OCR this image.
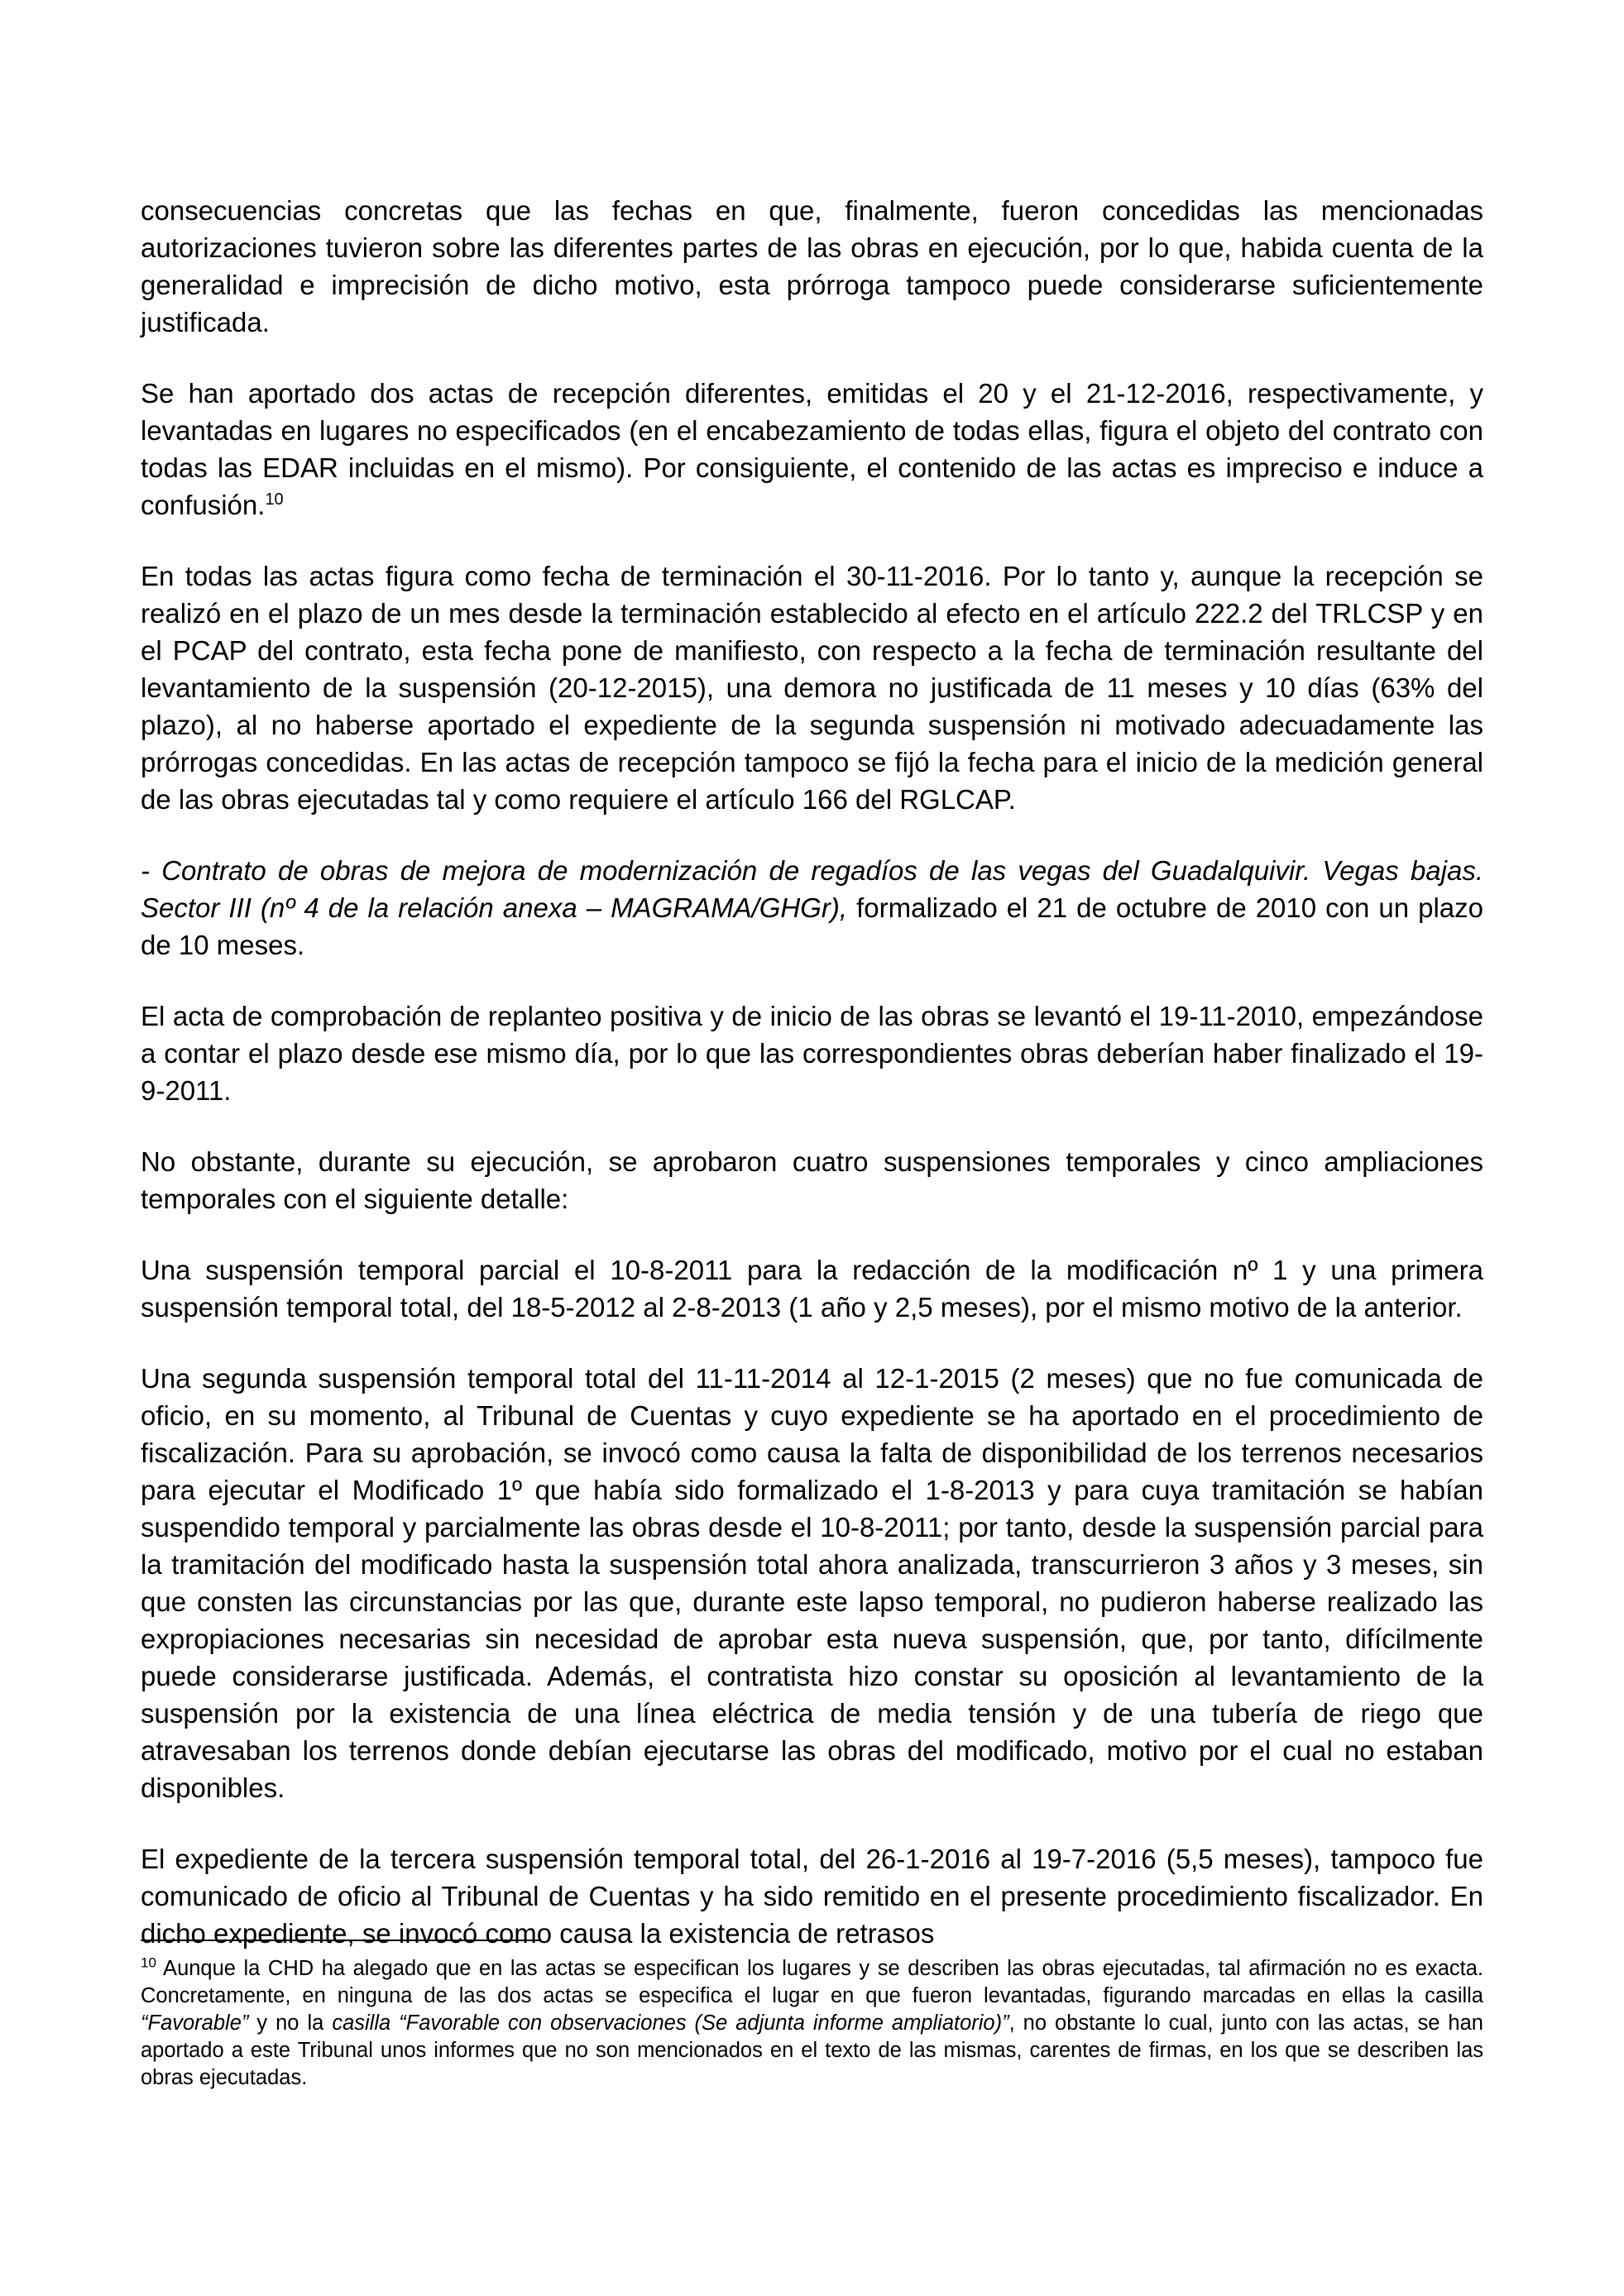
consecuencias concretas que las fechas en que, finalmente, fueron concedidas las mencionadas autorizaciones tuvieron sobre las diferentes partes de las obras en ejecución, por lo que, habida cuenta de la generalidad e imprecisión de dicho motivo, esta prórroga tampoco puede considerarse suficientemente justificada.

Se han aportado dos actas de recepción diferentes, emitidas el 20 y el 21-12-2016, respectivamente, y levantadas en lugares no especificados (en el encabezamiento de todas ellas, figura el objeto del contrato con todas las EDAR incluidas en el mismo). Por consiguiente, el contenido de las actas es impreciso e induce a confusión.$^{10}$

En todas las actas figura como fecha de terminación el 30-11-2016. Por lo tanto y, aunque la recepción se realizó en el plazo de un mes desde la terminación establecido al efecto en el artículo 222.2 del TRLCSP y en el PCAP del contrato, esta fecha pone de manifiesto, con respecto a la fecha de terminación resultante del levantamiento de la suspensión (20-12-2015), una demora no justificada de 11 meses y 10 días (63% del plazo), al no haberse aportado el expediente de la segunda suspensión ni motivado adecuadamente las prórrogas concedidas. En las actas de recepción tampoco se fijó la fecha para el inicio de la medición general de las obras ejecutadas tal y como requiere el artículo 166 del RGLCAP.

- Contrato de obras de mejora de modernización de regadíos de las vegas del Guadalquivir. Vegas bajas. Sector III (nº 4 de la relación anexa – MAGRAMA/GHGr), formalizado el 21 de octubre de 2010 con un plazo de 10 meses.

El acta de comprobación de replanteo positiva y de inicio de las obras se levantó el 19-11-2010, empezándose a contar el plazo desde ese mismo día, por lo que las correspondientes obras deberían haber finalizado el 19-9-2011.

No obstante, durante su ejecución, se aprobaron cuatro suspensiones temporales y cinco ampliaciones temporales con el siguiente detalle:

Una suspensión temporal parcial el 10-8-2011 para la redacción de la modificación nº 1 y una primera suspensión temporal total, del 18-5-2012 al 2-8-2013 (1 año y 2,5 meses), por el mismo motivo de la anterior.

Una segunda suspensión temporal total del 11-11-2014 al 12-1-2015 (2 meses) que no fue comunicada de oficio, en su momento, al Tribunal de Cuentas y cuyo expediente se ha aportado en el procedimiento de fiscalización. Para su aprobación, se invocó como causa la falta de disponibilidad de los terrenos necesarios para ejecutar el Modificado 1º que había sido formalizado el 1-8-2013 y para cuya tramitación se habían suspendido temporal y parcialmente las obras desde el 10-8-2011; por tanto, desde la suspensión parcial para la tramitación del modificado hasta la suspensión total ahora analizada, transcurrieron 3 años y 3 meses, sin que consten las circunstancias por las que, durante este lapso temporal, no pudieron haberse realizado las expropiaciones necesarias sin necesidad de aprobar esta nueva suspensión, que, por tanto, difícilmente puede considerarse justificada. Además, el contratista hizo constar su oposición al levantamiento de la suspensión por la existencia de una línea eléctrica de media tensión y de una tubería de riego que atravesaban los terrenos donde debían ejecutarse las obras del modificado, motivo por el cual no estaban disponibles.

El expediente de la tercera suspensión temporal total, del 26-1-2016 al 19-7-2016 (5,5 meses), tampoco fue comunicado de oficio al Tribunal de Cuentas y ha sido remitido en el presente procedimiento fiscalizador. En dicho expediente, se invocó como causa la existencia de retrasos

$^{10}$ Aunque la CHD ha alegado que en las actas se especifican los lugares y se describen las obras ejecutadas, tal afirmación no es exacta. Concretamente, en ninguna de las dos actas se especifica el lugar en que fueron levantadas, figurando marcadas en ellas la casilla “Favorable” y no la casilla “Favorable con observaciones (Se adjunta informe ampliatorio)”, no obstante lo cual, junto con las actas, se han aportado a este Tribunal unos informes que no son mencionados en el texto de las mismas, carentes de firmas, en los que se describen las obras ejecutadas.
